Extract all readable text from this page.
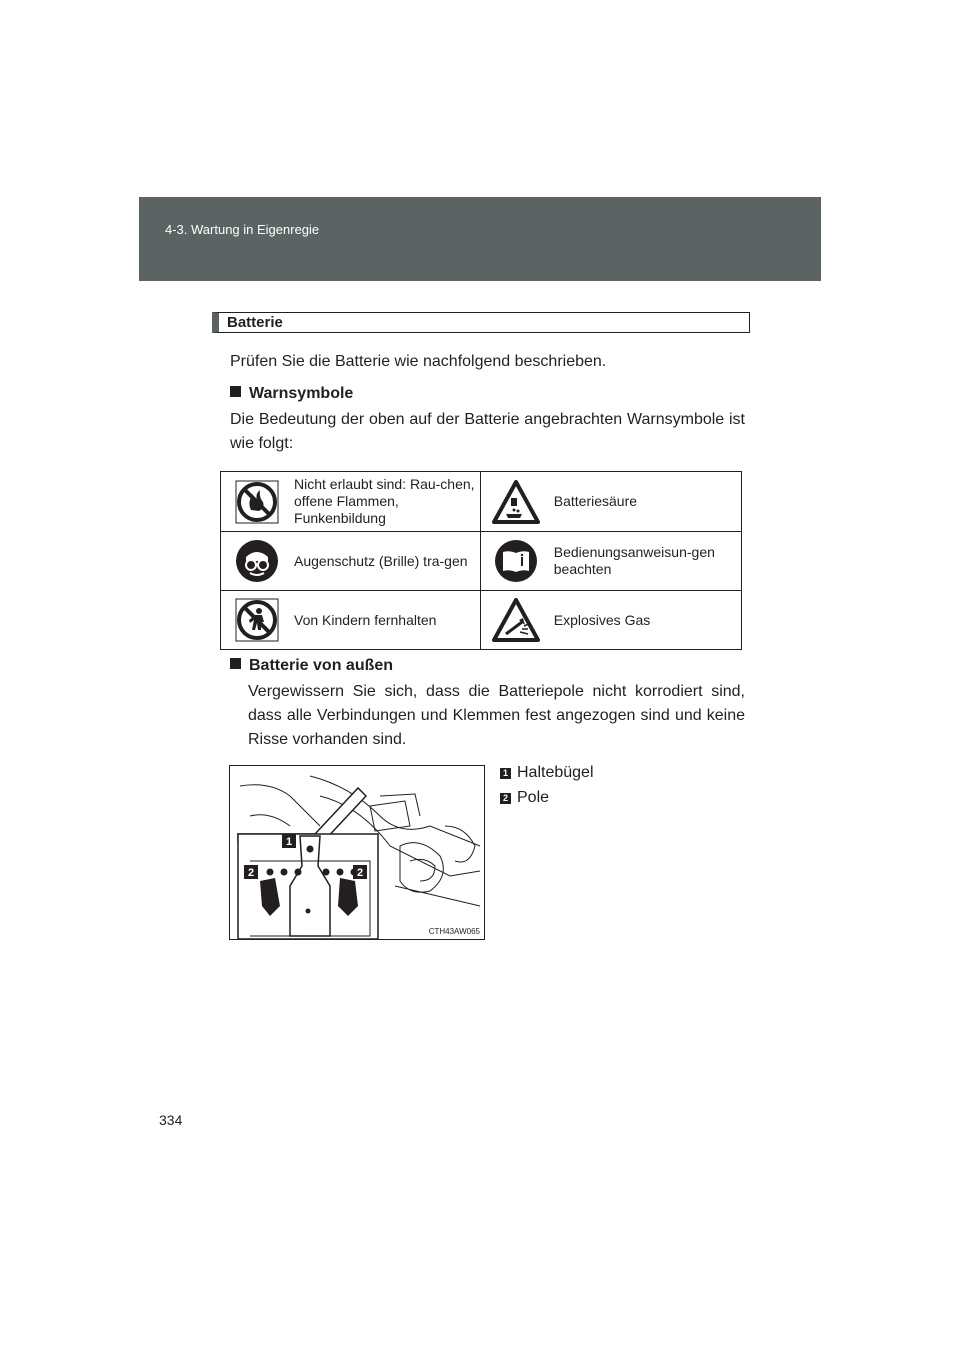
4-3. Wartung in Eigenregie
Batterie
Prüfen Sie die Batterie wie nachfolgend beschrieben.
Warnsymbole
Die Bedeutung der oben auf der Batterie angebrachten Warnsymbole ist wie folgt:
	Nicht erlaubt sind: Rau-chen, offene Flammen, Funkenbildung		Batteriesäure

	Augenschutz (Brille) tra-gen		Bedienungsanweisun-gen beachten

	Von Kindern fernhalten		Explosives Gas
Batterie von außen
Vergewissern Sie sich, dass die Batteriepole nicht korrodiert sind, dass alle Verbindungen und Klemmen fest angezogen sind und keine Risse vorhanden sind.
1
2	2
CTH43AW065
1 Haltebügel
2 Pole
334
